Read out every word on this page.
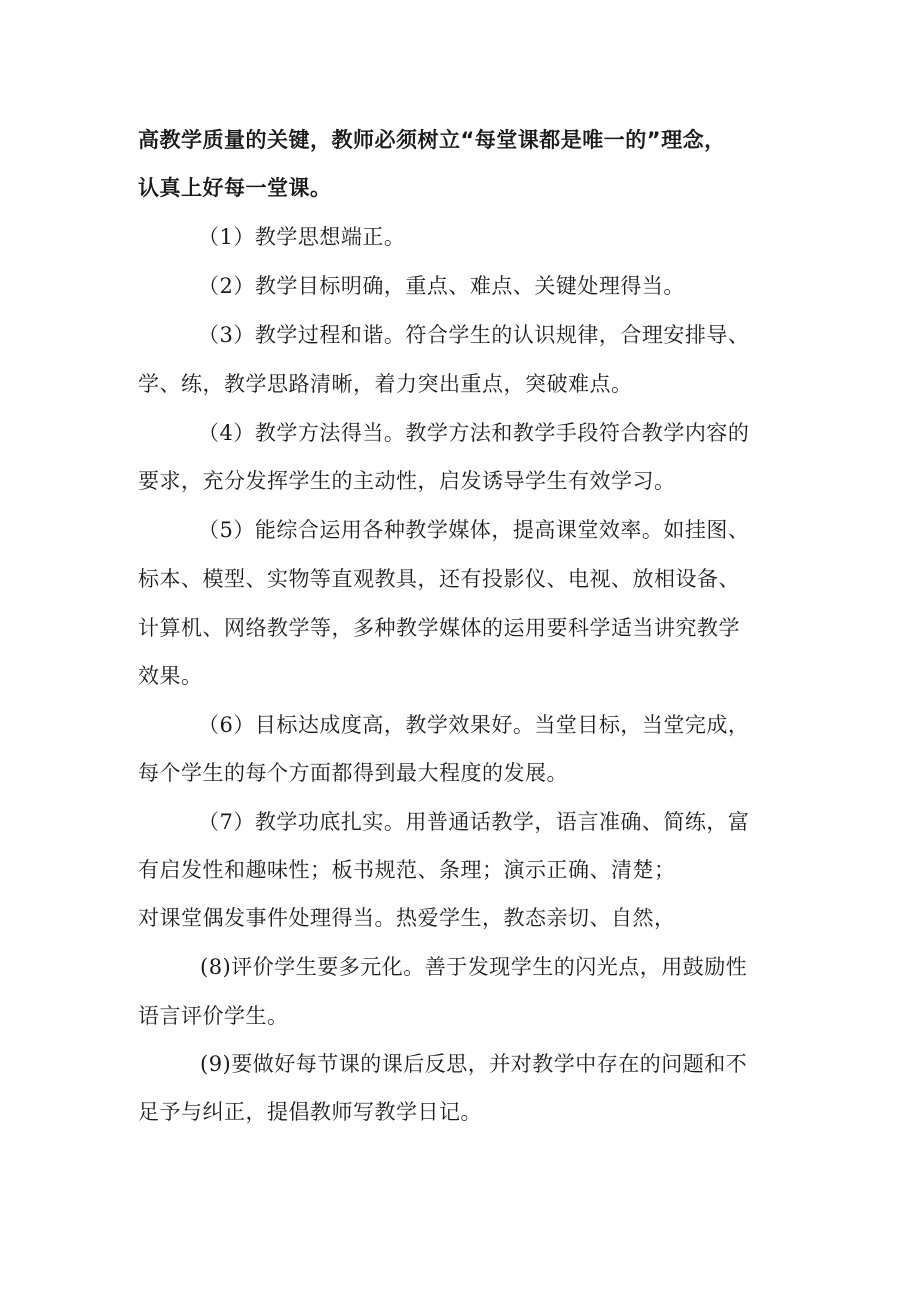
高教学质量的关键，教师必须树立“每堂课都是唯一的”理念，
认真上好每一堂课。
（1）教学思想端正。
（2）教学目标明确，重点、难点、关键处理得当。
（3）教学过程和谐。符合学生的认识规律，合理安排导、
学、练，教学思路清晰，着力突出重点，突破难点。
（4）教学方法得当。教学方法和教学手段符合教学内容的
要求，充分发挥学生的主动性，启发诱导学生有效学习。
（5）能综合运用各种教学媒体，提高课堂效率。如挂图、
标本、模型、实物等直观教具，还有投影仪、电视、放相设备、
计算机、网络教学等，多种教学媒体的运用要科学适当讲究教学
效果。
（6）目标达成度高，教学效果好。当堂目标，当堂完成，
每个学生的每个方面都得到最大程度的发展。
（7）教学功底扎实。用普通话教学，语言准确、简练，富
有启发性和趣味性；板书规范、条理；演示正确、清楚；
对课堂偶发事件处理得当。热爱学生，教态亲切、自然，
(8)评价学生要多元化。善于发现学生的闪光点，用鼓励性
语言评价学生。
(9)要做好每节课的课后反思，并对教学中存在的问题和不
足予与纠正，提倡教师写教学日记。
